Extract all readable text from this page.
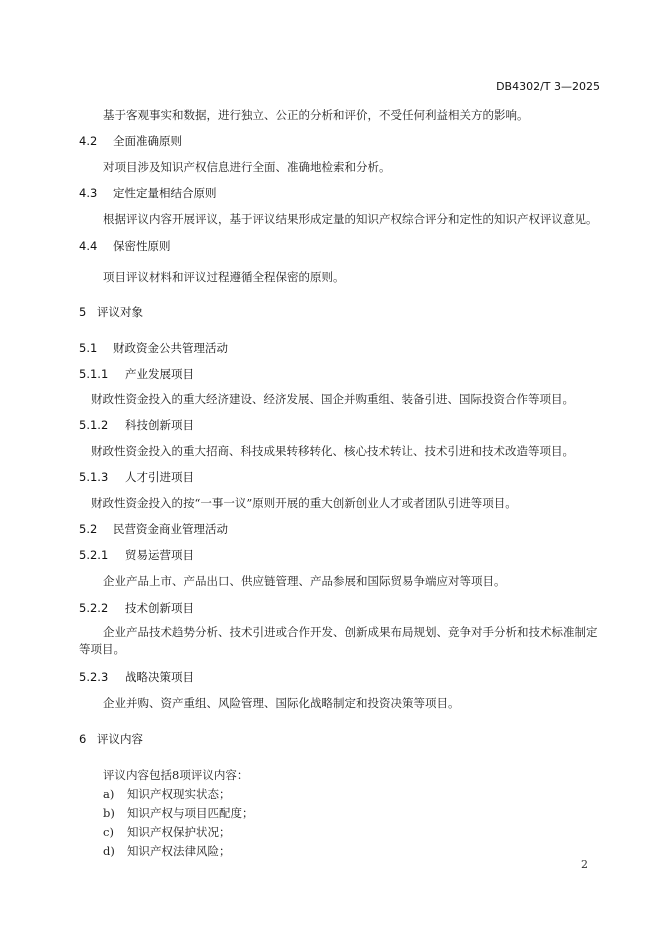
DB4302/T 3—2025
基于客观事实和数据，进行独立、公正的分析和评价，不受任何利益相关方的影响。
4.2 全面准确原则
对项目涉及知识产权信息进行全面、准确地检索和分析。
4.3 定性定量相结合原则
根据评议内容开展评议，基于评议结果形成定量的知识产权综合评分和定性的知识产权评议意见。
4.4 保密性原则
项目评议材料和评议过程遵循全程保密的原则。
5 评议对象
5.1 财政资金公共管理活动
5.1.1 产业发展项目
财政性资金投入的重大经济建设、经济发展、国企并购重组、装备引进、国际投资合作等项目。
5.1.2 科技创新项目
财政性资金投入的重大招商、科技成果转移转化、核心技术转让、技术引进和技术改造等项目。
5.1.3 人才引进项目
财政性资金投入的按“一事一议”原则开展的重大创新创业人才或者团队引进等项目。
5.2 民营资金商业管理活动
5.2.1 贸易运营项目
企业产品上市、产品出口、供应链管理、产品参展和国际贸易争端应对等项目。
5.2.2 技术创新项目
企业产品技术趋势分析、技术引进或合作开发、创新成果布局规划、竞争对手分析和技术标准制定等项目。
5.2.3 战略决策项目
企业并购、资产重组、风险管理、国际化战略制定和投资决策等项目。
6 评议内容
评议内容包括8项评议内容：
a) 知识产权现实状态；
b) 知识产权与项目匹配度；
c) 知识产权保护状况；
d) 知识产权法律风险；
2
